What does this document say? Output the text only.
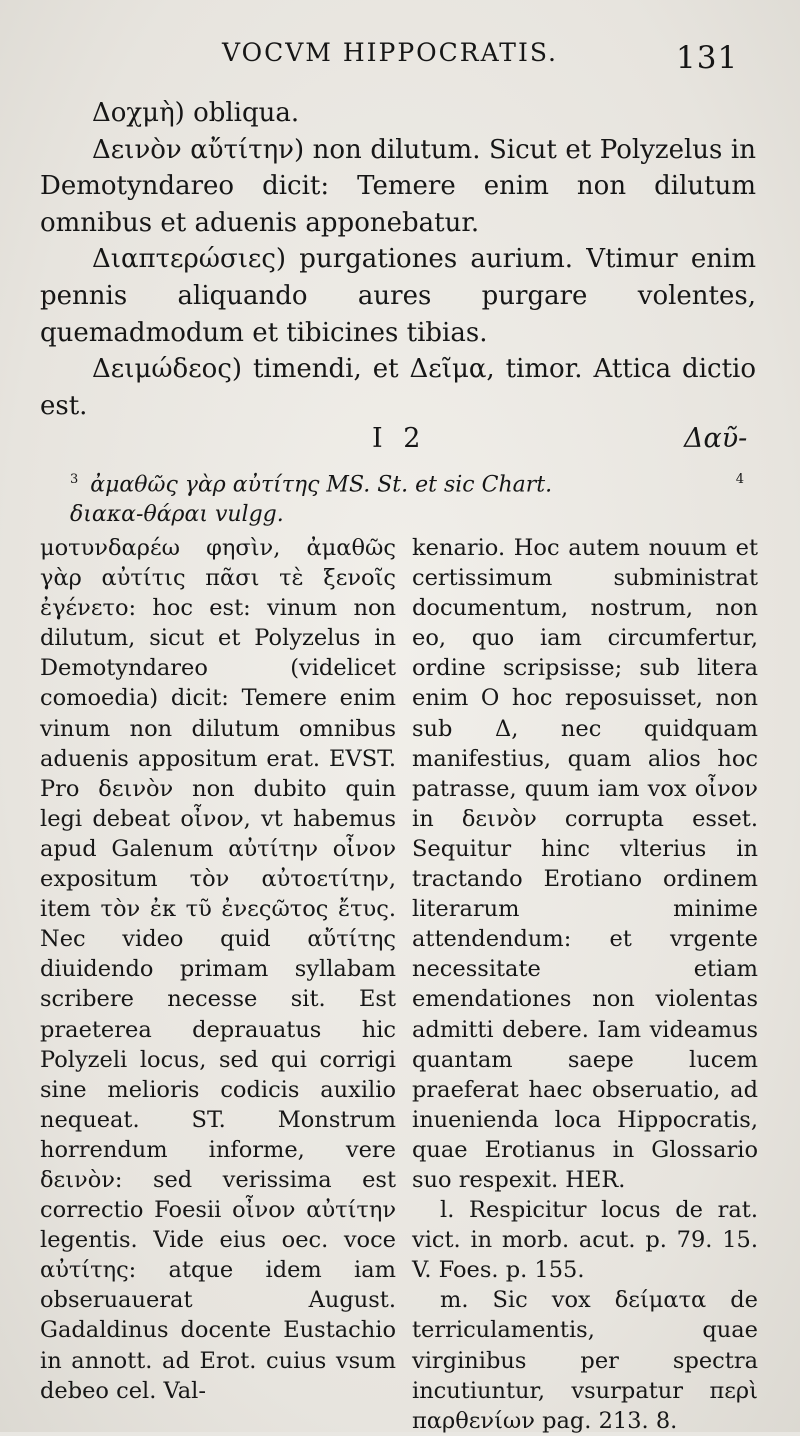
VOCVM HIPPOCRATIS.	131

Δοχμὴ) obliqua.

Δεινὸν αὔτίτην) non dilutum. Sicut et Polyzelus in Demotyndareo dicit: Temere enim non dilutum omnibus et aduenis apponebatur.

Διαπτερώσιες) purgationes aurium. Vtimur enim pennis aliquando aures purgare volentes, quemadmodum et tibicines tibias.

Δειμώδεος) timendi, et Δεῖμα, timor. Attica dictio est.

I 2	Δαῦ-
$^4$
$^3$ ἀμαθῶς γὰρ αὐτίτης MS. St. et sic Chart.
διακα-θάραι vulgg.

μοτυνδαρέω φησὶν, ἀμαθῶς γὰρ αὐτίτις πᾶσι τὲ ξενοῖς ἐγένετο: hoc est: vinum non dilutum, sicut et Polyzelus in Demotyndareo (videlicet comoedia) dicit: Temere enim vinum non dilutum omnibus aduenis appositum erat. EVST. Pro δεινὸν non dubito quin legi debeat οἶνον, vt habemus apud Galenum αὐτίτην οἶνον expositum τὸν αὐτοετίτην, item τὸν ἐκ τῦ ἐνεςῶτος ἔτυς. Nec video quid αὔτίτης diuidendo primam syllabam scribere necesse sit. Est praeterea deprauatus hic Polyzeli locus, sed qui corrigi sine melioris codicis auxilio nequeat. ST. Monstrum horrendum informe, vere δεινὸν: sed verissima est correctio Foesii οἶνον αὐτίτην legentis. Vide eius oec. voce αὐτίτης: atque idem iam obseruauerat August. Gadaldinus docente Eustachio in annott. ad Erot. cuius vsum debeo cel. Val-

kenario. Hoc autem nouum et certissimum subministrat documentum, nostrum, non eo, quo iam circumfertur, ordine scripsisse; sub litera enim O hoc reposuisset, non sub Δ, nec quidquam manifestius, quam alios hoc patrasse, quum iam vox οἶνον in δεινὸν corrupta esset. Sequitur hinc vlterius in tractando Erotiano ordinem literarum minime attendendum: et vrgente necessitate etiam emendationes non violentas admitti debere. Iam videamus quantam saepe lucem praeferat haec obseruatio, ad inuenienda loca Hippocratis, quae Erotianus in Glossario suo respexit. HER.

l. Respicitur locus de rat. vict. in morb. acut. p. 79. 15. V. Foes. p. 155.

m. Sic vox δείματα de terriculamentis, quae virginibus per spectra incutiuntur, vsurpatur περὶ παρθενίων pag. 213. 8.
